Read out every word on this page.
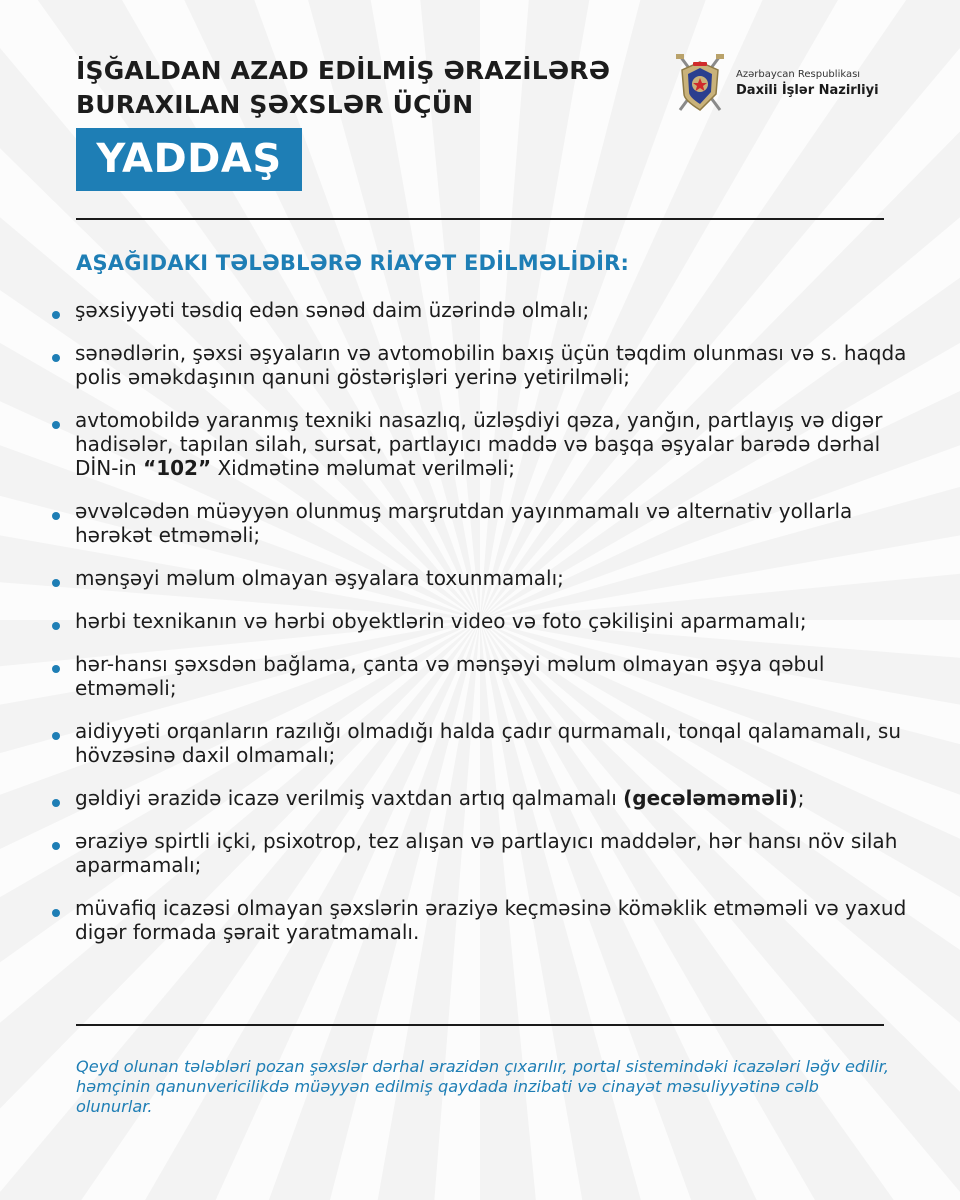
İŞĞALDAN AZAD EDİLMİŞ ƏRAZİLƏRƏ
BURAXILAN ŞƏXSLƏR ÜÇÜN
YADDAŞ
Azərbaycan Respublikası
Daxili İşlər Nazirliyi
AŞAĞIDAKI TƏLƏBLƏRƏ RİAYƏT EDİLMƏLİDİR:
şəxsiyyəti təsdiq edən sənəd daim üzərində olmalı;
sənədlərin, şəxsi əşyaların və avtomobilin baxış üçün təqdim olunması və s. haqda polis əməkdaşının qanuni göstərişləri yerinə yetirilməli;
avtomobildə yaranmış texniki nasazlıq, üzləşdiyi qəza, yanğın, partlayış və digər hadisələr, tapılan silah, sursat, partlayıcı maddə və başqa əşyalar barədə dərhal DİN-in “102” Xidmətinə məlumat verilməli;
əvvəlcədən müəyyən olunmuş marşrutdan yayınmamalı və alternativ yollarla hərəkət etməməli;
mənşəyi məlum olmayan əşyalara toxunmamalı;
hərbi texnikanın və hərbi obyektlərin video və foto çəkilişini aparmamalı;
hər-hansı şəxsdən bağlama, çanta və mənşəyi məlum olmayan əşya qəbul etməməli;
aidiyyəti orqanların razılığı olmadığı halda çadır qurmamalı, tonqal qalamamalı, su hövzəsinə daxil olmamalı;
gəldiyi ərazidə icazə verilmiş vaxtdan artıq qalmamalı (gecələməməli);
əraziyə spirtli içki, psixotrop, tez alışan və partlayıcı maddələr, hər hansı növ silah aparmamalı;
müvafiq icazəsi olmayan şəxslərin əraziyə keçməsinə köməklik etməməli və yaxud digər formada şərait yaratmamalı.

Qeyd olunan tələbləri pozan şəxslər dərhal ərazidən çıxarılır, portal sistemindəki icazələri ləğv edilir, həmçinin qanunvericilikdə müəyyən edilmiş qaydada inzibati və cinayət məsuliyyətinə cəlb olunurlar.
